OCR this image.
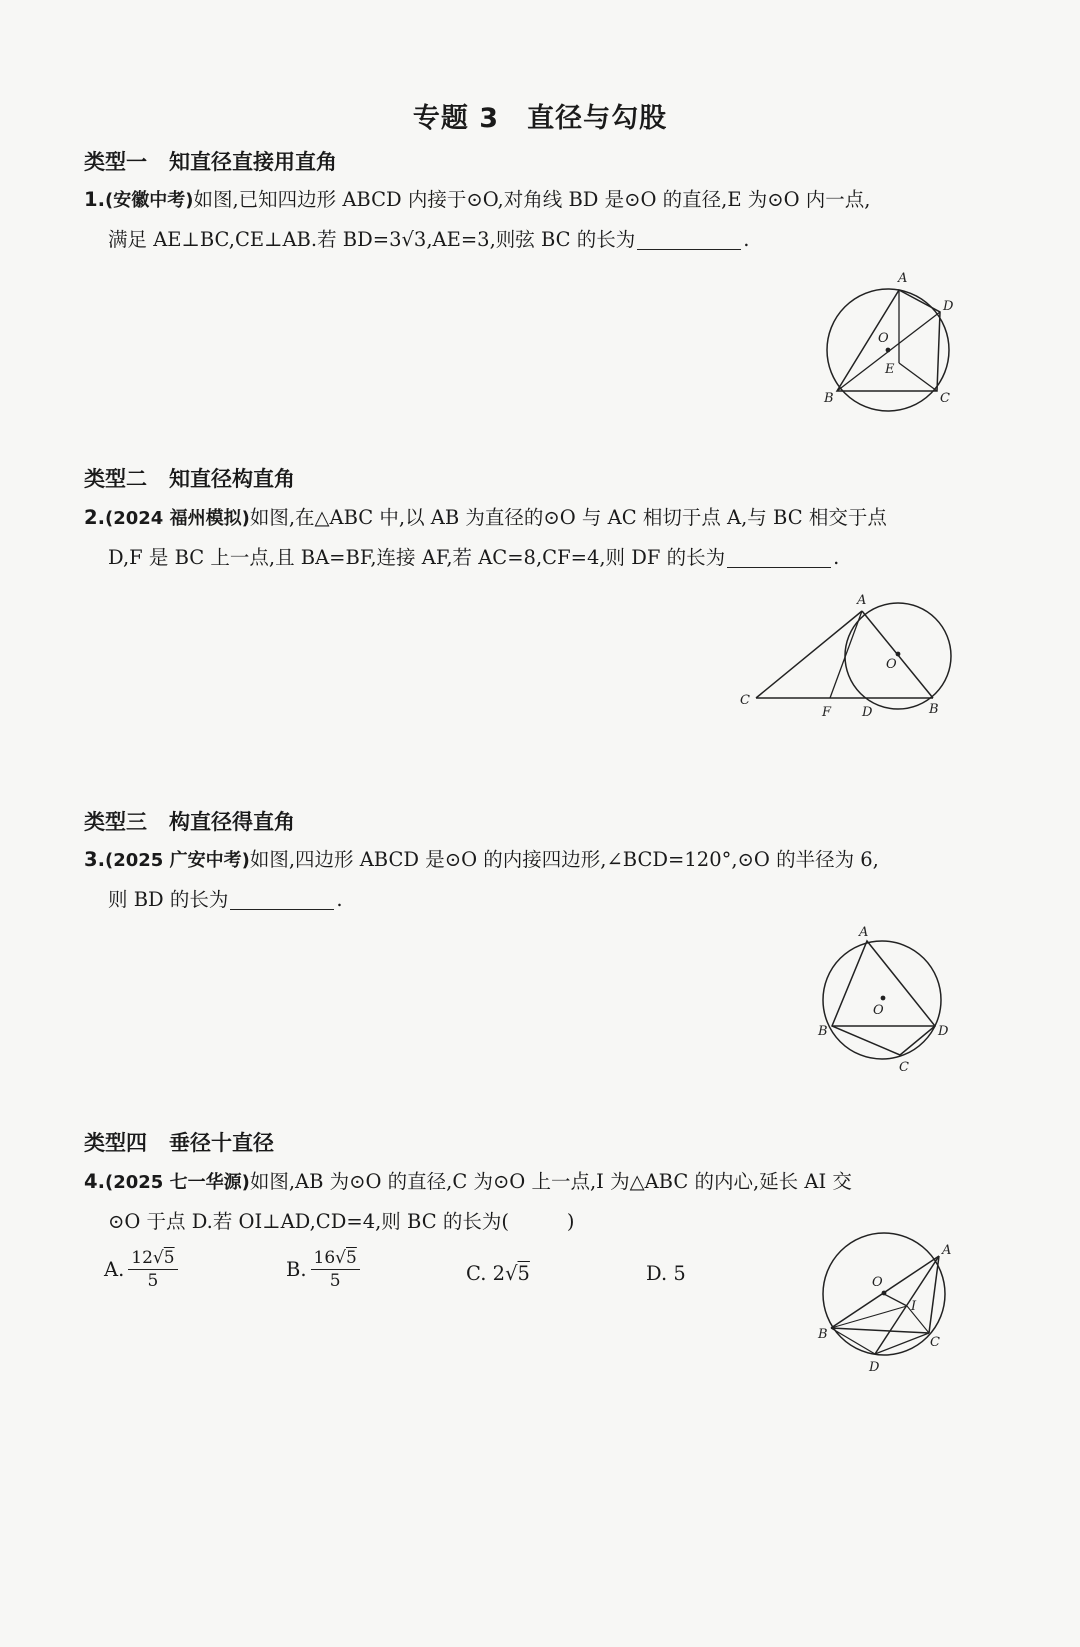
专题 3　直径与勾股
类型一 知直径直接用直角
1.(安徽中考)如图,已知四边形 ABCD 内接于⊙O,对角线 BD 是⊙O 的直径,E 为⊙O 内一点,
满足 AE⊥BC,CE⊥AB.若 BD=3√3,AE=3,则弦 BC 的长为	.
A
D
O
E
B	C
类型二 知直径构直角
2.(2024 福州模拟)如图,在△ABC 中,以 AB 为直径的⊙O 与 AC 相切于点 A,与 BC 相交于点
D,F 是 BC 上一点,且 BA=BF,连接 AF,若 AC=8,CF=4,则 DF 的长为	.
A
O
C
F D	B
类型三 构直径得直角
3.(2025 广安中考)如图,四边形 ABCD 是⊙O 的内接四边形,∠BCD=120°,⊙O 的半径为 6,
则 BD 的长为	.
A
O
B	D
C
类型四 垂径十直径
4.(2025 七一华源)如图,AB 为⊙O 的直径,C 为⊙O 上一点,I 为△ABC 的内心,延长 AI 交
⊙O 于点 D.若 OI⊥AD,CD=4,则 BC 的长为(	)
A. $\frac{12√5}{5}$	B. $\frac{16√5}{5}$	C.
2 √ 5	D.
5
A
O
I
B
C
D
